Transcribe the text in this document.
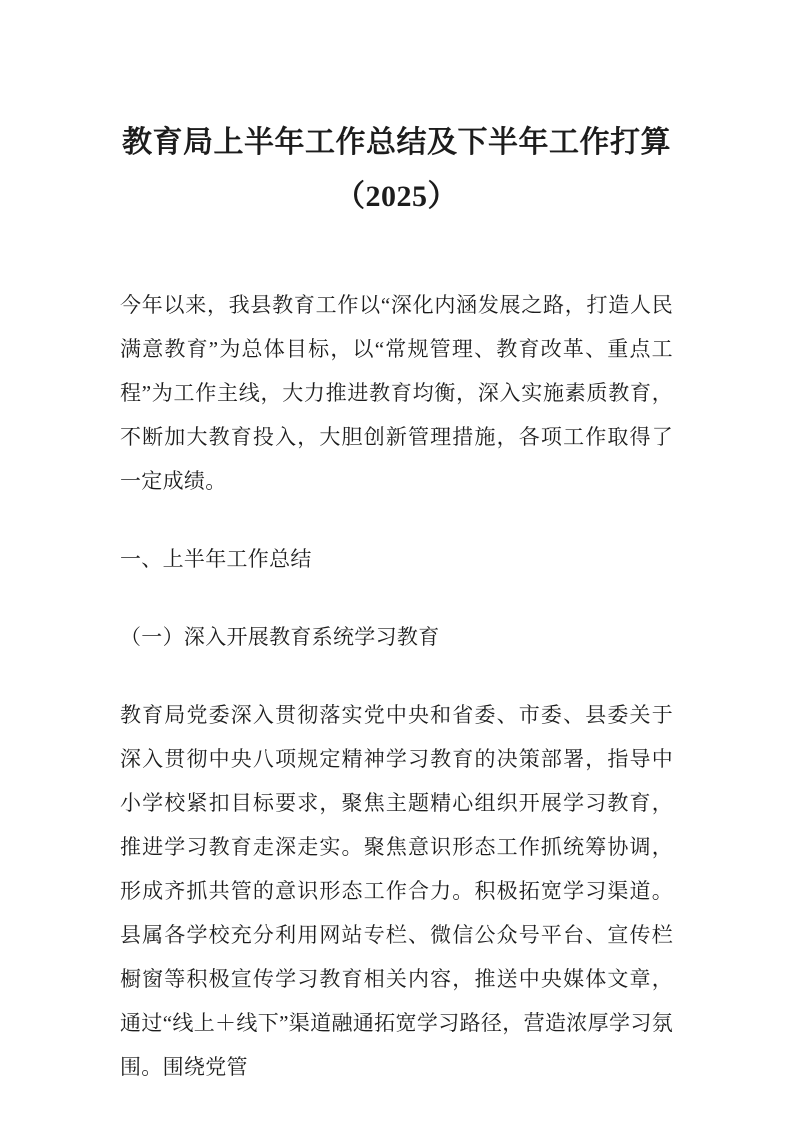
教育局上半年工作总结及下半年工作打算
（2025）

今年以来，我县教育工作以“深化内涵发展之路，打造人民满意教育”为总体目标，以“常规管理、教育改革、重点工程”为工作主线，大力推进教育均衡，深入实施素质教育，不断加大教育投入，大胆创新管理措施，各项工作取得了一定成绩。

一、上半年工作总结
（一）深入开展教育系统学习教育

教育局党委深入贯彻落实党中央和省委、市委、县委关于深入贯彻中央八项规定精神学习教育的决策部署，指导中小学校紧扣目标要求，聚焦主题精心组织开展学习教育，推进学习教育走深走实。聚焦意识形态工作抓统筹协调，形成齐抓共管的意识形态工作合力。积极拓宽学习渠道。县属各学校充分利用网站专栏、微信公众号平台、宣传栏橱窗等积极宣传学习教育相关内容，推送中央媒体文章，通过“线上＋线下”渠道融通拓宽学习路径，营造浓厚学习氛围。围绕党管
